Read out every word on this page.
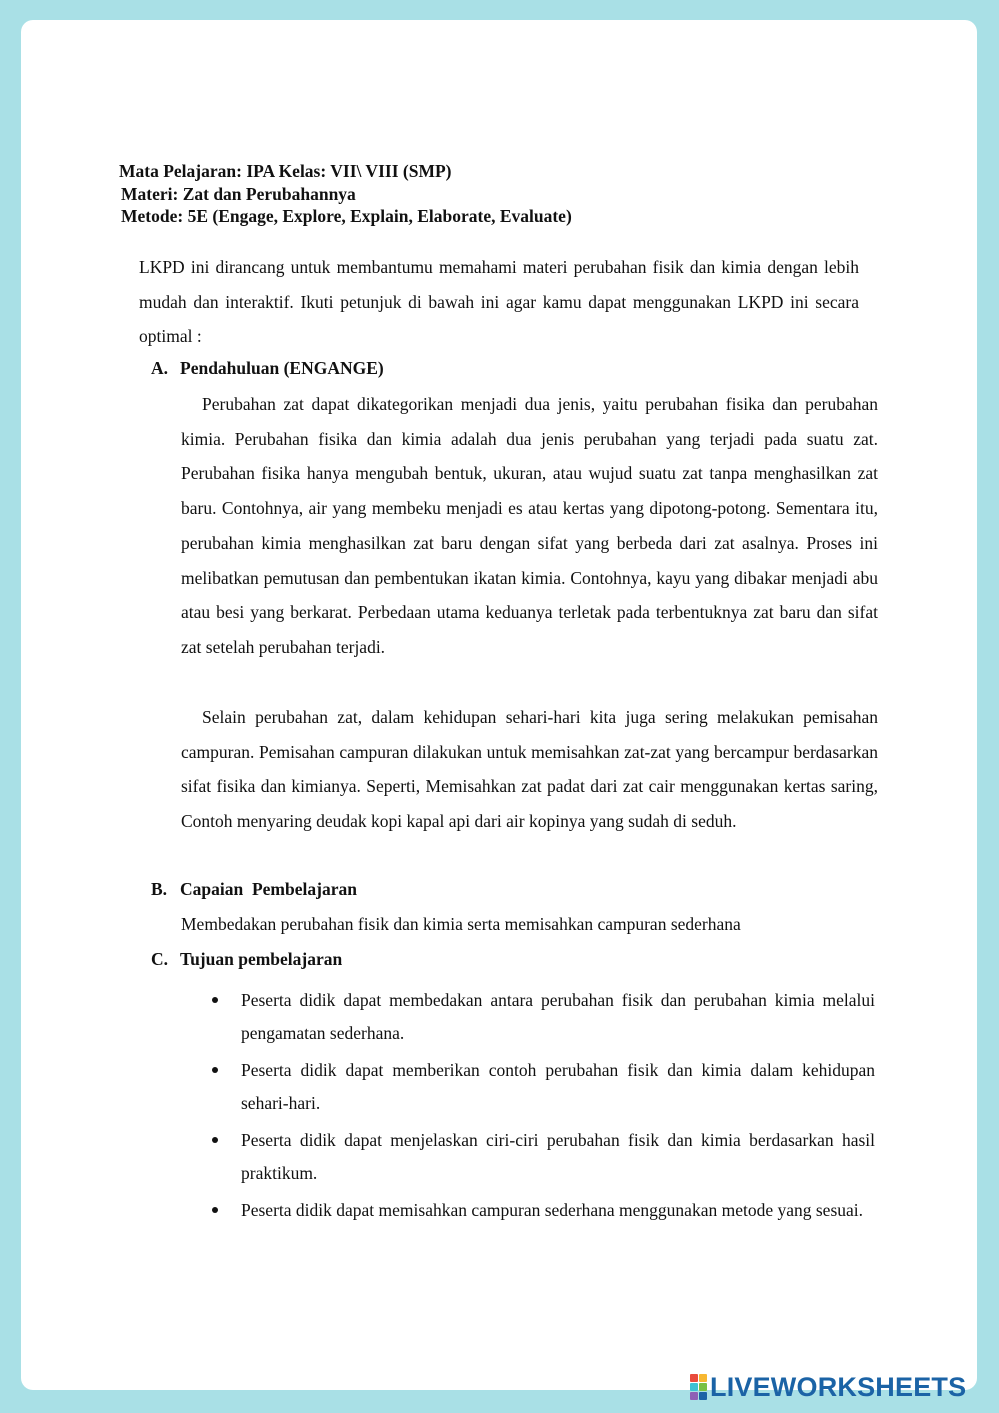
Mata Pelajaran: IPA Kelas: VII\ VIII (SMP)
Materi: Zat dan Perubahannya
Metode: 5E (Engage, Explore, Explain, Elaborate, Evaluate)
LKPD ini dirancang untuk membantumu memahami materi perubahan fisik dan kimia dengan lebih mudah dan interaktif. Ikuti petunjuk di bawah ini agar kamu dapat menggunakan LKPD ini secara optimal :
A. Pendahuluan (ENGANGE)
Perubahan zat dapat dikategorikan menjadi dua jenis, yaitu perubahan fisika dan perubahan kimia. Perubahan fisika dan kimia adalah dua jenis perubahan yang terjadi pada suatu zat. Perubahan fisika hanya mengubah bentuk, ukuran, atau wujud suatu zat tanpa menghasilkan zat baru. Contohnya, air yang membeku menjadi es atau kertas yang dipotong-potong. Sementara itu, perubahan kimia menghasilkan zat baru dengan sifat yang berbeda dari zat asalnya. Proses ini melibatkan pemutusan dan pembentukan ikatan kimia. Contohnya, kayu yang dibakar menjadi abu atau besi yang berkarat. Perbedaan utama keduanya terletak pada terbentuknya zat baru dan sifat zat setelah perubahan terjadi.
Selain perubahan zat, dalam kehidupan sehari-hari kita juga sering melakukan pemisahan campuran. Pemisahan campuran dilakukan untuk memisahkan zat-zat yang bercampur berdasarkan sifat fisika dan kimianya. Seperti, Memisahkan zat padat dari zat cair menggunakan kertas saring, Contoh menyaring deudak kopi kapal api dari air kopinya yang sudah di seduh.
B. Capaian  Pembelajaran
Membedakan perubahan fisik dan kimia serta memisahkan campuran sederhana
C. Tujuan pembelajaran
Peserta didik dapat membedakan antara perubahan fisik dan perubahan kimia melalui pengamatan sederhana.
Peserta didik dapat memberikan contoh perubahan fisik dan kimia dalam kehidupan sehari-hari.
Peserta didik dapat menjelaskan ciri-ciri perubahan fisik dan kimia berdasarkan hasil praktikum.
Peserta didik dapat memisahkan campuran sederhana menggunakan metode yang sesuai.
LIVEWORKSHEETS
